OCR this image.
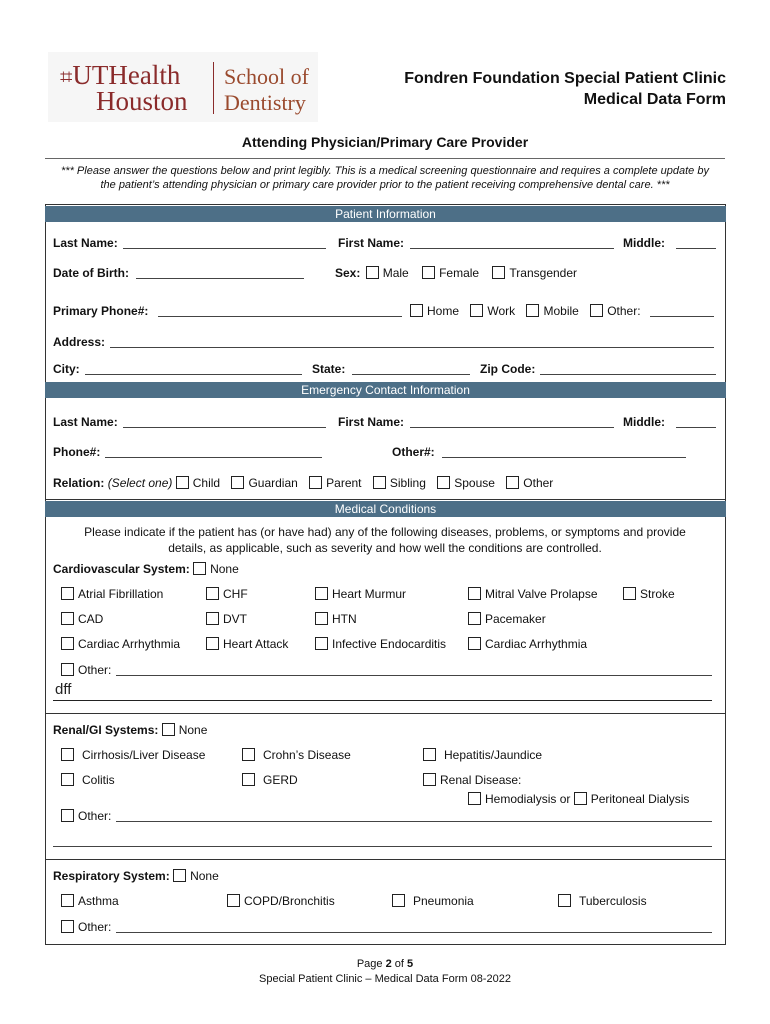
⌗UTHealth
Houston
School of
Dentistry
Fondren Foundation Special Patient Clinic
Medical Data Form
Attending Physician/Primary Care Provider
*** Please answer the questions below and print legibly. This is a medical screening questionnaire and requires a complete update by
the patient’s attending physician or primary care provider prior to the patient receiving comprehensive dental care. ***
Patient Information
Last Name:	First Name:	Middle:
Date of Birth:	Sex: Male	Female	Transgender
Primary Phone#:	Home Work Mobile Other:
Address:
City:	State:	Zip Code:
Emergency Contact Information
Last Name:	First Name:	Middle:
Phone#:	Other#:
Relation: (Select one) Child Guardian Parent Sibling Spouse Other
Medical Conditions
Please indicate if the patient has (or have had) any of the following diseases, problems, or symptoms and provide
details, as applicable, such as severity and how well the conditions are controlled.
Cardiovascular System: None
Atrial Fibrillation	CHF	Heart Murmur	Mitral Valve Prolapse	Stroke
CAD	DVT	HTN	Pacemaker
Cardiac Arrhythmia	Heart Attack	Infective Endocarditis	Cardiac Arrhythmia
Other:
dff
Renal/GI Systems: None
Cirrhosis/Liver Disease	Crohn’s Disease	Hepatitis/Jaundice
Colitis	GERD	Renal Disease:
Hemodialysis or Peritoneal Dialysis
Other:
Respiratory System: None
Asthma	COPD/Bronchitis	Pneumonia	Tuberculosis
Other:
Page 2 of 5
Special Patient Clinic – Medical Data Form 08-2022
